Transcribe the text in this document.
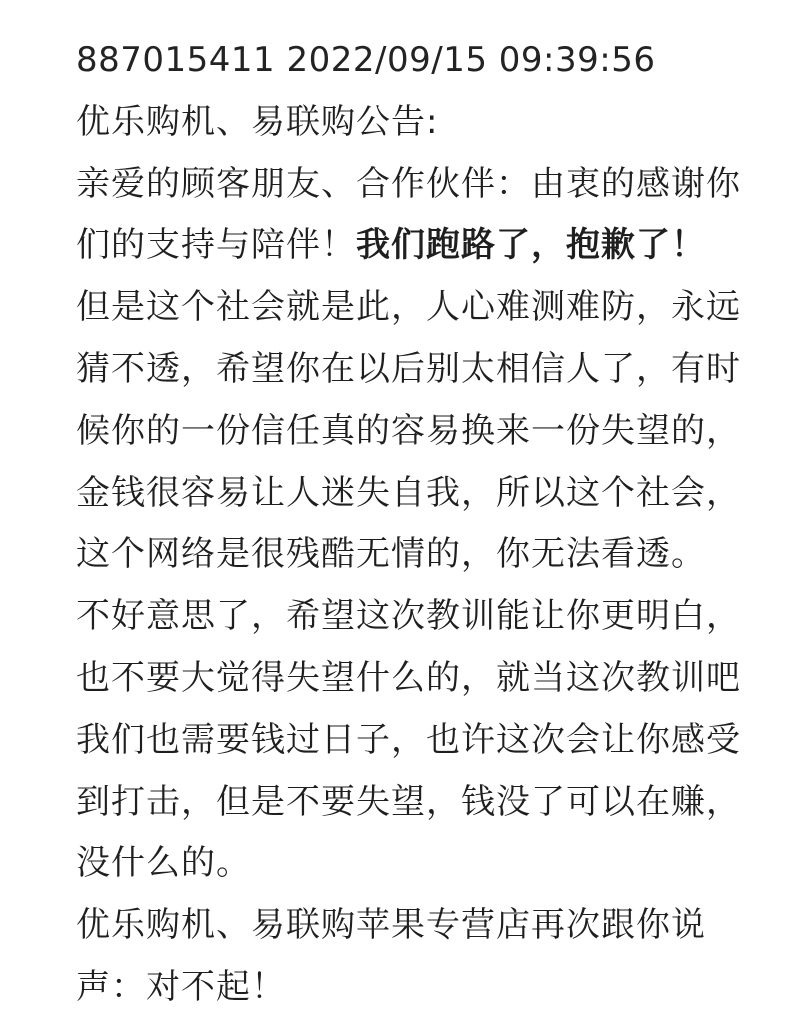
887015411 2022/09/15 09:39:56
优乐购机、易联购公告:
亲爱的顾客朋友、合作伙伴：由衷的感谢你
们的支持与陪伴！我们跑路了，抱歉了！
但是这个社会就是此，人心难测难防，永远
猜不透，希望你在以后别太相信人了，有时
候你的一份信任真的容易换来一份失望的，
金钱很容易让人迷失自我，所以这个社会，
这个网络是很残酷无情的，你无法看透。
不好意思了，希望这次教训能让你更明白，
也不要大觉得失望什么的，就当这次教训吧
我们也需要钱过日子，也许这次会让你感受
到打击，但是不要失望，钱没了可以在赚，
没什么的。
优乐购机、易联购苹果专营店再次跟你说
声：对不起！
